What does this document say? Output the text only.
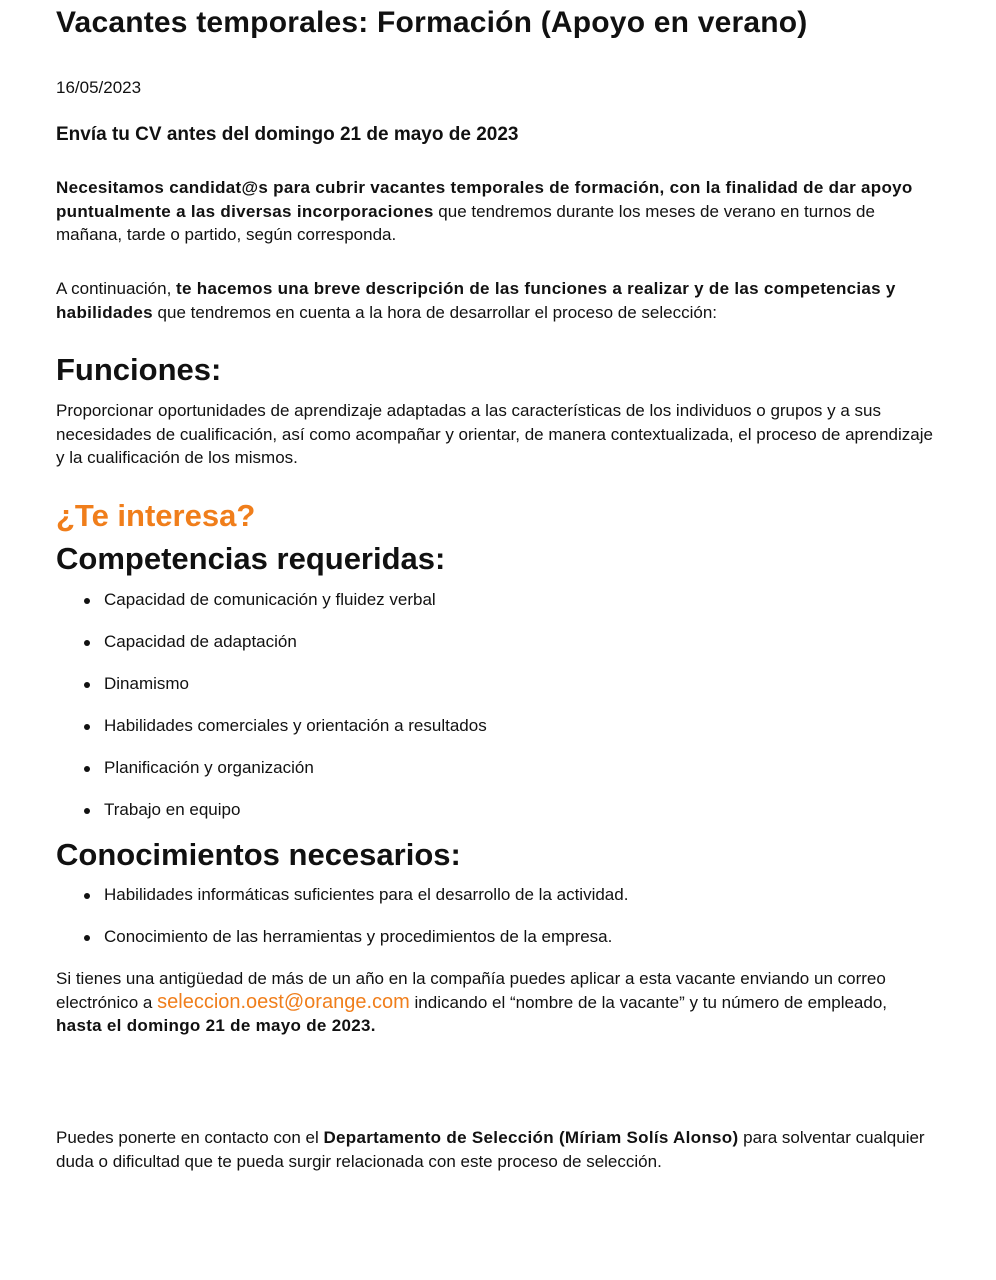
Vacantes temporales: Formación (Apoyo en verano)
16/05/2023
Envía tu CV antes del domingo 21 de mayo de 2023
Necesitamos candidat@s para cubrir vacantes temporales de formación, con la finalidad de dar apoyo puntualmente a las diversas incorporaciones que tendremos durante los meses de verano en turnos de mañana, tarde o partido, según corresponda.
A continuación, te hacemos una breve descripción de las funciones a realizar y de las competencias y habilidades que tendremos en cuenta a la hora de desarrollar el proceso de selección:
Funciones:
Proporcionar oportunidades de aprendizaje adaptadas a las características de los individuos o grupos y a sus necesidades de cualificación, así como acompañar y orientar, de manera contextualizada, el proceso de aprendizaje y la cualificación de los mismos.
¿Te interesa?
Competencias requeridas:
Capacidad de comunicación y fluidez verbal
Capacidad de adaptación
Dinamismo
Habilidades comerciales y orientación a resultados
Planificación y organización
Trabajo en equipo
Conocimientos necesarios:
Habilidades informáticas suficientes para el desarrollo de la actividad.
Conocimiento de las herramientas y procedimientos de la empresa.
Si tienes una antigüedad de más de un año en la compañía puedes aplicar a esta vacante enviando un correo electrónico a seleccion.oest@orange.com indicando el “nombre de la vacante” y tu número de empleado, hasta el domingo 21 de mayo de 2023.
Puedes ponerte en contacto con el Departamento de Selección (Míriam Solís Alonso) para solventar cualquier duda o dificultad que te pueda surgir relacionada con este proceso de selección.
